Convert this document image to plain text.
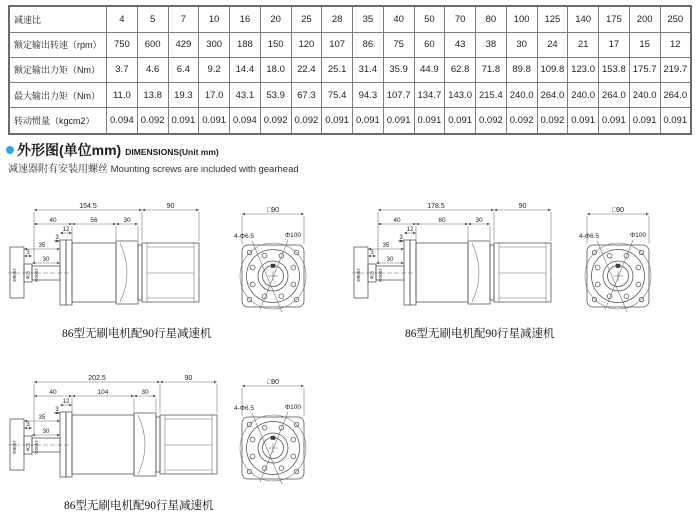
减速比	4	5	7	10	16	20	25	28	35	40	50	70	80	100	125	140	175	200	250
额定输出转速（rpm）	750	600	429	300	188	150	120	107	86	75	60	43	38	30	24	21	17	15	12
额定输出力矩（Nm）	3.7	4.6	6.4	9.2	14.4	18.0	22.4	25.1	31.4	35.9	44.9	62.8	71.8	89.8	109.8	123.0	153.8	175.7	219.7
最大输出力矩（Nm）	11.0	13.8	19.3	17.0	43.1	53.9	67.3	75.4	94.3	107.7	134.7	143.0	215.4	240.0	264.0	240.0	264.0	240.0	264.0
转动惯量（kgcm2）	0.094	0.092	0.091	0.091	0.094	0.092	0.092	0.091	0.091	0.091	0.091	0.091	0.092	0.092	0.092	0.091	0.091	0.091	0.091
外形图(单位mm) DIMENSIONS(Unit mm)
减速器附有安装用螺丝 Mounting screws are included with gearhead
154.5	90
40	56	30
12
3
35
3
30
Φ80h7 Φ25 Φ20h7
□90
4-Φ6.5	Φ100
86型无刷电机配90行星减速机
178.5	90
40	80	30
12
3
35
3
30
Φ80h7 Φ25 Φ20h7
□90
4-Φ6.5	Φ100
86型无刷电机配90行星减速机
202.5	90
40	104	30
12
3
35
3
30
Φ80h7 Φ25 Φ20h7
□90
4-Φ6.5	Φ100
86型无刷电机配90行星减速机
